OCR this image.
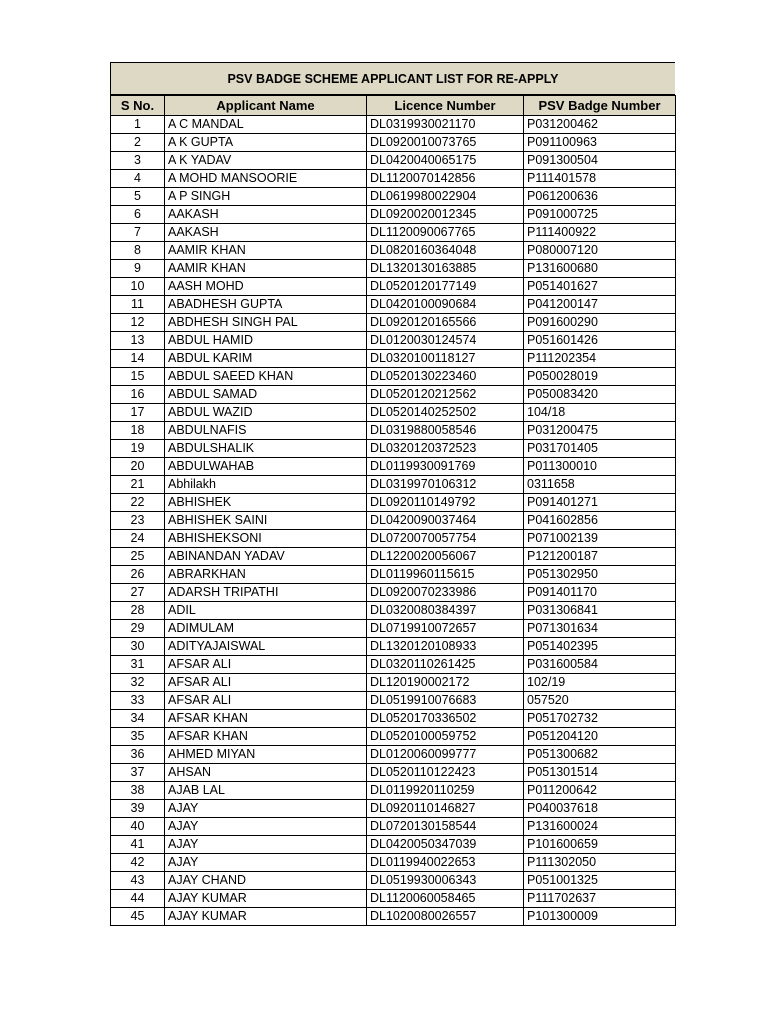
PSV BADGE SCHEME APPLICANT LIST FOR RE-APPLY
S No.	Applicant Name	Licence Number	PSV Badge Number
1	A C MANDAL	DL0319930021170	P031200462
2	A K GUPTA	DL0920010073765	P091100963
3	A K YADAV	DL0420040065175	P091300504
4	A MOHD MANSOORIE	DL1120070142856	P111401578
5	A P SINGH	DL0619980022904	P061200636
6	AAKASH	DL0920020012345	P091000725
7	AAKASH	DL1120090067765	P111400922
8	AAMIR KHAN	DL0820160364048	P080007120
9	AAMIR KHAN	DL1320130163885	P131600680
10	AASH MOHD	DL0520120177149	P051401627
11	ABADHESH GUPTA	DL0420100090684	P041200147
12	ABDHESH SINGH PAL	DL0920120165566	P091600290
13	ABDUL HAMID	DL0120030124574	P051601426
14	ABDUL KARIM	DL0320100118127	P111202354
15	ABDUL SAEED KHAN	DL0520130223460	P050028019
16	ABDUL SAMAD	DL0520120212562	P050083420
17	ABDUL WAZID	DL0520140252502	104/18
18	ABDULNAFIS	DL0319880058546	P031200475
19	ABDULSHALIK	DL0320120372523	P031701405
20	ABDULWAHAB	DL0119930091769	P011300010
21	Abhilakh	DL0319970106312	0311658
22	ABHISHEK	DL0920110149792	P091401271
23	ABHISHEK SAINI	DL0420090037464	P041602856
24	ABHISHEKSONI	DL0720070057754	P071002139
25	ABINANDAN YADAV	DL1220020056067	P121200187
26	ABRARKHAN	DL0119960115615	P051302950
27	ADARSH TRIPATHI	DL0920070233986	P091401170
28	ADIL	DL0320080384397	P031306841
29	ADIMULAM	DL0719910072657	P071301634
30	ADITYAJAISWAL	DL1320120108933	P051402395
31	AFSAR ALI	DL0320110261425	P031600584
32	AFSAR ALI	DL120190002172	102/19
33	AFSAR ALI	DL0519910076683	057520
34	AFSAR KHAN	DL0520170336502	P051702732
35	AFSAR KHAN	DL0520100059752	P051204120
36	AHMED MIYAN	DL0120060099777	P051300682
37	AHSAN	DL0520110122423	P051301514
38	AJAB LAL	DL0119920110259	P011200642
39	AJAY	DL0920110146827	P040037618
40	AJAY	DL0720130158544	P131600024
41	AJAY	DL0420050347039	P101600659
42	AJAY	DL0119940022653	P111302050
43	AJAY CHAND	DL0519930006343	P051001325
44	AJAY KUMAR	DL1120060058465	P111702637
45	AJAY KUMAR	DL1020080026557	P101300009
